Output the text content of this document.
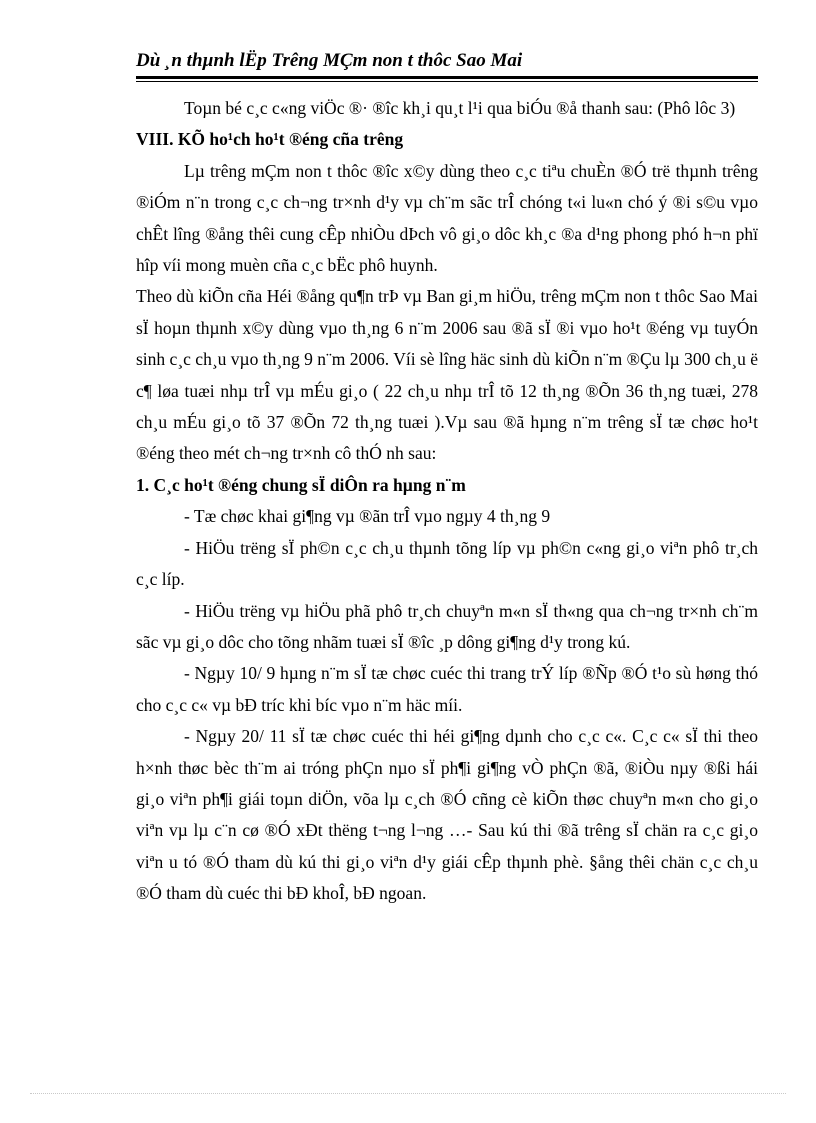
Dù ¸n thµnh lËp Trêng MÇm non t thôc Sao Mai

Toµn bé c¸c c«ng viÖc ®· ®îc kh¸i qu¸t l¹i qua biÓu ®å thanh sau: (Phô lôc 3)

VIII. KÕ ho¹ch ho¹t ®éng cña trêng

Lµ trêng mÇm non t thôc ®îc x©y dùng theo c¸c tiªu chuÈn ®Ó trë thµnh trêng ®iÓm n¨n trong c¸c ch¬ng tr×nh d¹y vµ ch¨m sãc trÎ chóng t«i lu«n chó ý ®i s©u vµo chÊt lîng ®ång thêi cung cÊp nhiÒu dÞch vô gi¸o dôc kh¸c ®a d¹ng phong phó h¬n phï hîp víi mong muèn cña c¸c bËc phô huynh.

Theo dù kiÕn cña Héi ®ång qu¶n trÞ vµ Ban gi¸m hiÖu, trêng mÇm non t thôc Sao Mai sÏ hoµn thµnh x©y dùng vµo th¸ng 6 n¨m 2006 sau ®ã sÏ ®i vµo ho¹t ®éng vµ tuyÓn sinh c¸c ch¸u vµo th¸ng 9 n¨m 2006. Víi sè lîng häc sinh dù kiÕn n¨m ®Çu lµ 300 ch¸u ë c¶ løa tuæi nhµ trÎ vµ mÉu gi¸o ( 22 ch¸u nhµ trÎ tõ 12 th¸ng ®Õn 36 th¸ng tuæi, 278 ch¸u mÉu gi¸o tõ 37 ®Õn 72 th¸ng tuæi ).Vµ sau ®ã hµng n¨m trêng sÏ tæ chøc ho¹t ®éng theo mét ch¬ng tr×nh cô thÓ nh sau:

1. C¸c ho¹t ®éng chung sÏ diÔn ra hµng n¨m

- Tæ chøc khai gi¶ng vµ ®ãn trÎ vµo ngµy 4 th¸ng 9

- HiÖu trëng sÏ ph©n c¸c ch¸u thµnh tõng líp vµ ph©n c«ng gi¸o viªn phô tr¸ch c¸c líp.

- HiÖu trëng vµ hiÖu phã phô tr¸ch chuyªn m«n sÏ th«ng qua ch¬ng tr×nh ch¨m sãc vµ gi¸o dôc cho tõng nhãm tuæi sÏ ®îc ¸p dông gi¶ng d¹y trong kú.

- Ngµy 10/ 9 hµng n¨m sÏ tæ chøc cuéc thi trang trÝ líp ®Ñp ®Ó t¹o sù høng thó cho c¸c c« vµ bÐ tríc khi bíc vµo n¨m häc míi.

- Ngµy 20/ 11 sÏ tæ chøc cuéc thi héi gi¶ng dµnh cho c¸c c«. C¸c c« sÏ thi theo h×nh thøc bèc th¨m ai tróng phÇn nµo sÏ ph¶i gi¶ng vÒ phÇn ®ã, ®iÒu nµy ®ßi hái gi¸o viªn ph¶i giái toµn diÖn, võa lµ c¸ch ®Ó cñng cè kiÕn thøc chuyªn m«n cho gi¸o viªn vµ lµ c¨n cø ®Ó xÐt thëng t¬ng l¬ng …- Sau kú thi ®ã trêng sÏ chän ra c¸c gi¸o viªn u tó ®Ó tham dù kú thi gi¸o viªn d¹y giái cÊp thµnh phè. §ång thêi chän c¸c ch¸u ®Ó tham dù cuéc thi bÐ khoÎ, bÐ ngoan.
